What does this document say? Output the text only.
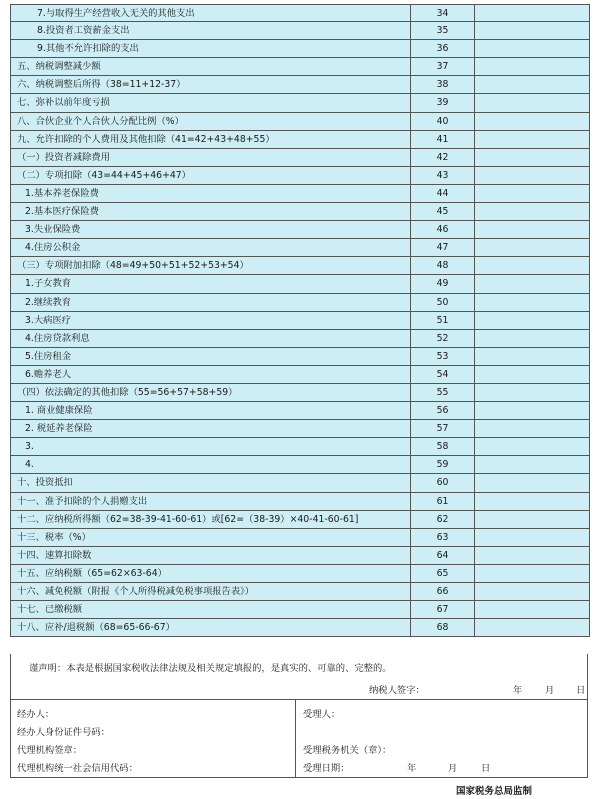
7.与取得生产经营收入无关的其他支出	34
8.投资者工资薪金支出	35
9.其他不允许扣除的支出	36
五、纳税调整减少额	37
六、纳税调整后所得（38=11+12-37）	38
七、弥补以前年度亏损	39
八、合伙企业个人合伙人分配比例（%）	40
九、允许扣除的个人费用及其他扣除（41=42+43+48+55）	41
（一）投资者减除费用	42
（二）专项扣除（43=44+45+46+47）	43
1.基本养老保险费	44
2.基本医疗保险费	45
3.失业保险费	46
4.住房公积金	47
（三）专项附加扣除（48=49+50+51+52+53+54）	48
1.子女教育	49
2.继续教育	50
3.大病医疗	51
4.住房贷款利息	52
5.住房租金	53
6.赡养老人	54
（四）依法确定的其他扣除（55=56+57+58+59）	55
1. 商业健康保险	56
2. 税延养老保险	57
3.	58
4.	59
十、投资抵扣	60
十一、准予扣除的个人捐赠支出	61
十二、应纳税所得额（62=38-39-41-60-61）或[62=（38-39）×40-41-60-61]	62
十三、税率（%）	63
十四、速算扣除数	64
十五、应纳税额（65=62×63-64）	65
十六、减免税额（附报《个人所得税减免税事项报告表》）	66
十七、已缴税额	67
十八、应补/退税额（68=65-66-67）	68
谨声明：本表是根据国家税收法律法规及相关规定填报的，是真实的、可靠的、完整的。
纳税人签字：	年 月 日
经办人：
经办人身份证件号码：
代理机构签章：
代理机构统一社会信用代码：
受理人：
受理税务机关（章）：
受理日期：	年	月	日
国家税务总局监制
